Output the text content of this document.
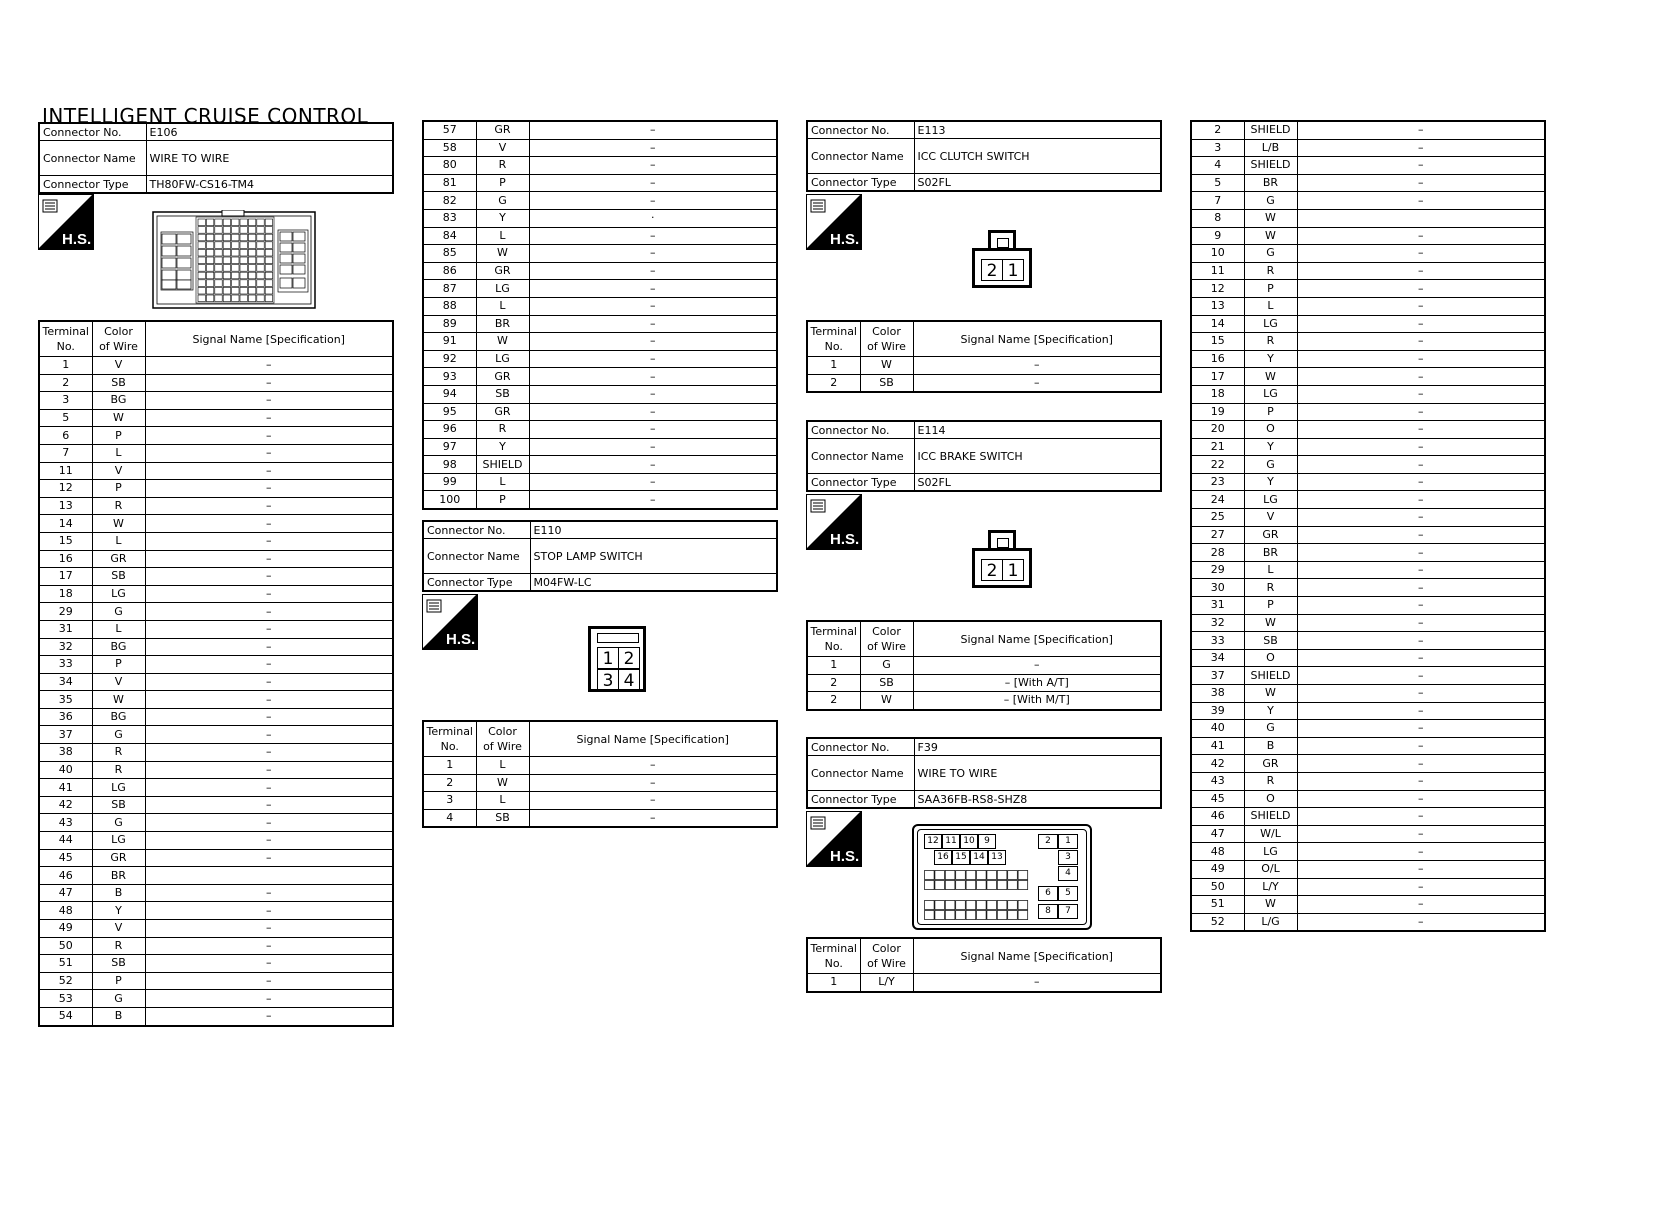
INTELLIGENT CRUISE CONTROL
Connector No.	E106
Connector Name	WIRE TO WIRE
Connector Type	TH80FW-CS16-TM4
H.S.
Terminal
No.	Color
of Wire	Signal Name [Specification]
1	V	–
2	SB	–
3	BG	–
5	W	–
6	P	–
7	L	–
11	V	–
12	P	–
13	R	–
14	W	–
15	L	–
16	GR	–
17	SB	–
18	LG	–
29	G	–
31	L	–
32	BG	–
33	P	–
34	V	–
35	W	–
36	BG	–
37	G	–
38	R	–
40	R	–
41	LG	–
42	SB	–
43	G	–
44	LG	–
45	GR	–
46	BR	
47	B	–
48	Y	–
49	V	–
50	R	–
51	SB	–
52	P	–
53	G	–
54	B	–
57	GR	–
58	V	–
80	R	–
81	P	–
82	G	–
83	Y	·
84	L	–
85	W	–
86	GR	–
87	LG	–
88	L	–
89	BR	–
91	W	–
92	LG	–
93	GR	–
94	SB	–
95	GR	–
96	R	–
97	Y	–
98	SHIELD	–
99	L	–
100	P	–
Connector No.	E110
Connector Name	STOP LAMP SWITCH
Connector Type	M04FW-LC
H.S.
1 2
3 4
Terminal
No.	Color
of Wire	Signal Name [Specification]
1	L	–
2	W	–
3	L	–
4	SB	–
Connector No.	E113
Connector Name	ICC CLUTCH SWITCH
Connector Type	S02FL
H.S.
2 1
Terminal
No.	Color
of Wire	Signal Name [Specification]
1	W	–
2	SB	–
Connector No.	E114
Connector Name	ICC BRAKE SWITCH
Connector Type	S02FL
H.S.
2 1
Terminal
No.	Color
of Wire	Signal Name [Specification]
1	G	–
2	SB	– [With A/T]
2	W	– [With M/T]
Connector No.	F39
Connector Name	WIRE TO WIRE
Connector Type	SAA36FB-RS8-SHZ8
H.S.
12 11 10 9
16 15 14 13
2	1
3
4
6	5
8	7
Terminal
No.	Color
of Wire	Signal Name [Specification]
1	L/Y	–
2	SHIELD	–
3	L/B	–
4	SHIELD	–
5	BR	–
7	G	–
8	W	
9	W	–
10	G	–
11	R	–
12	P	–
13	L	–
14	LG	–
15	R	–
16	Y	–
17	W	–
18	LG	–
19	P	–
20	O	–
21	Y	–
22	G	–
23	Y	–
24	LG	–
25	V	–
27	GR	–
28	BR	–
29	L	–
30	R	–
31	P	–
32	W	–
33	SB	–
34	O	–
37	SHIELD	–
38	W	–
39	Y	–
40	G	–
41	B	–
42	GR	–
43	R	–
45	O	–
46	SHIELD	–
47	W/L	–
48	LG	–
49	O/L	–
50	L/Y	–
51	W	–
52	L/G	–
